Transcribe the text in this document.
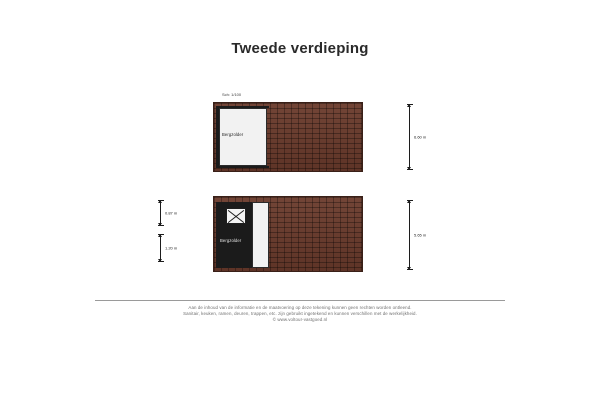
Tweede verdieping
Sch: 1/100
Bergzolder	6.60 m
Bergzolder
0.87 m
1.20 m
5.65 m
Aan de inhoud van de informatie en de maatvoering op deze tekening kunnen geen rechten worden ontleend.
Sanitair, keuken, ramen, deuren, trappen, etc. zijn gebruikt ingetekend en kunnen verschillen met de werkelijkheid.
© www.voltour-vastgoed.nl
